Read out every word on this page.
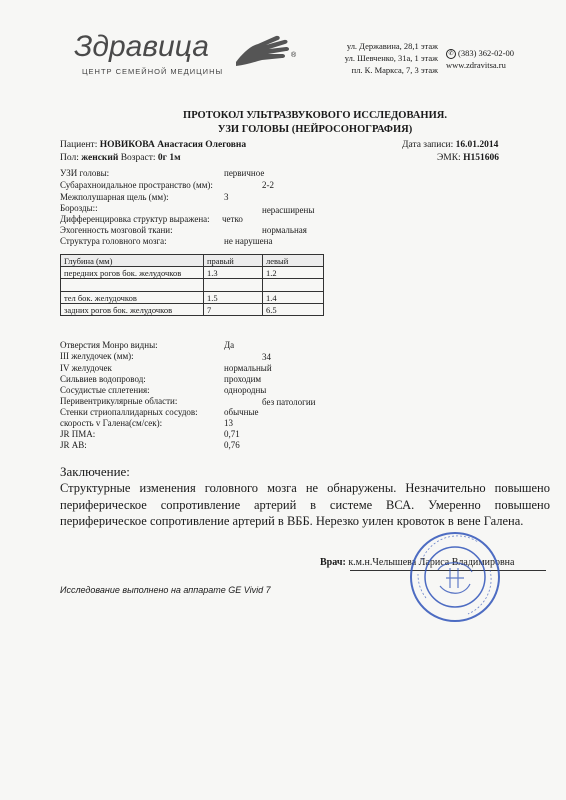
Здравица	®
ЦЕНТР СЕМЕЙНОЙ МЕДИЦИНЫ
ул. Державина, 28,1 этаж
ул. Шевченко, 31а, 1 этаж
пл. К. Маркса, 7, 3 этаж
✆ (383) 362-02-00
www.zdravitsa.ru
ПРОТОКОЛ УЛЬТРАЗВУКОВОГО ИССЛЕДОВАНИЯ.
УЗИ ГОЛОВЫ (НЕЙРОСОНОГРАФИЯ)
Пациент: НОВИКОВА Анастасия Олеговна	Дата записи: 16.01.2014
Пол: женский Возраст: 0г 1м	ЭМК: Н151606
УЗИ головы:	первичное
Субарахноидальное пространство (мм):	2-2
Межполушарная щель (мм):	3
Борозды::	нерасширены
Дифференцировка структур выражена: четко
Эхогенность мозговой ткани:	нормальная
Структура головного мозга:	не нарушена
Глубина (мм)	правый	левый
передних рогов бок. желудочков	1.3	1.2

тел бок. желудочков	1.5	1.4
задних рогов бок. желудочков	7	6.5
Отверстия Монро видны:	Да
III желудочек (мм):	34
IV желудочек	нормальный
Сильвиев водопровод:	проходим
Сосудистые сплетения:	однородны
Перивентрикулярные области:	без патологии
Стенки стриопаллидарных сосудов:	обычные
скорость v Галена(см/сек):	13
JR ПМА:	0,71
JR АВ:	0,76
Заключение:
Структурные изменения головного мозга не обнаружены. Незначительно повышено периферическое сопротивление артерий в системе ВСА. Умеренно повышено периферическое сопротивление артерий в ВББ. Нерезко уилен кровоток в вене Галена.
Врач: к.м.н.Челышева Лариса Владимировна
Исследование выполнено на аппарате GE Vivid 7
